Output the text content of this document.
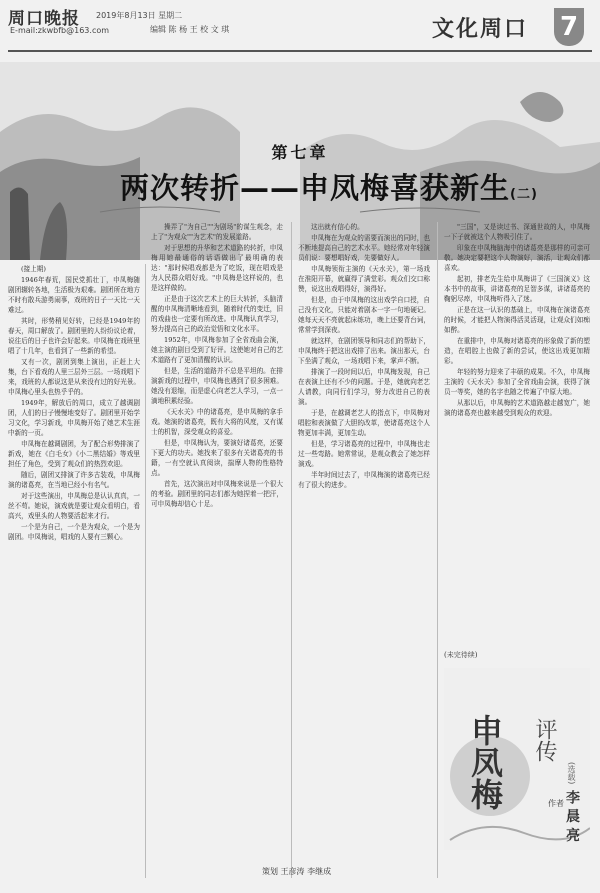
周口晚报
E-mail:zkwbfb@163.com
2019年8月13日 星期二
编辑 陈 杨 王 校 文 琪	文化周口 7
第七章
两次转折——申凤梅喜获新生(二)

(接上期)

1946年春荒，国民党抓壮丁，申凤梅随剧团辗转各地，生活极为艰难。剧团所在地方不时有散兵游勇闹事，戏班的日子一天比一天难过。

其时，形势稍见好转，已经是1949年的春天，周口解放了。剧团里的人纷纷议论着，说往后的日子也许会好起来。申凤梅在戏班里唱了十几年，也看到了一些新的希望。

又有一次，剧团到集上演出，正赶上大集，台下看戏的人里三层外三层。一场戏唱下来，戏班的人都说这是从来没有过的好光景。申凤梅心里头也热乎乎的。

1949年，解放后的周口，成立了越调剧团，人们的日子慢慢地变好了。剧团里开始学习文化，学习新戏，申凤梅开始了她艺术生涯中新的一页。

申凤梅在越调剧团，为了配合形势排演了新戏，她在《白毛女》《小二黑结婚》等戏里担任了角色，受到了观众们的热烈欢迎。

随后，剧团又排演了许多古装戏，申凤梅演的诸葛亮，在当地已经小有名气。

对于这些演出，申凤梅总是认认真真，一丝不苟。她说，演戏就是要让观众看明白，看高兴，戏里头的人物要活起来才行。

一个是为自己，一个是为观众，一个是为剧团。申凤梅说，唱戏的人要有三颗心。

操弄了"为自己""为剧场"的谋生观念，走上了"为观众""为艺术"的发展道路。

对于思想的升华和艺术道路的转折，申凤梅用她最通俗的话语做出了最明确的表达："那时候唱戏都是为了吃饭，现在唱戏是为人民群众唱好戏。"申凤梅是这样说的，也是这样做的。

正是由于这次艺术上的巨大转折，头脑清醒的申凤梅清晰地看到，随着时代的变迁，旧的戏曲也一定要有所改进。申凤梅认真学习，努力提高自己的政治觉悟和文化水平。

1952年，申凤梅参加了全省戏曲会演，她主演的剧目受到了好评。这使她对自己的艺术道路有了更加清醒的认识。

但是，生活的道路并不总是平坦的。在排演新戏的过程中，申凤梅也遇到了很多困难。她没有退缩，而是虚心向老艺人学习，一点一滴地积累经验。

《天水关》中的诸葛亮，是申凤梅的拿手戏。她演的诸葛亮，既有大将的风度，又有谋士的机智，深受观众的喜爱。

但是，申凤梅认为，要演好诸葛亮，还要下更大的功夫。她找来了很多有关诸葛亮的书籍，一有空就认真阅读，揣摩人物的性格特点。

首先，这次演出对申凤梅来说是一个很大的考验。剧团里的同志们都为她捏着一把汗，可申凤梅却信心十足。

这出就有信心的。

申凤梅在为观众的需要而演出的同时，也不断地提高自己的艺术水平。她经常对年轻演员们说：要想唱好戏，先要做好人。

申凤梅领衔主演的《天水关》，第一场戏在淮阳开幕，就赢得了满堂彩。观众们交口称赞，说这出戏唱得好，演得好。

但是，由于申凤梅的这出戏学自口授，自己没有文化，只能对着剧本一字一句地硬记。她每天天不亮就起床练功，晚上还要背台词，常常学到深夜。

就这样，在剧团领导和同志们的帮助下，申凤梅终于把这出戏排了出来。演出那天，台下坐满了观众，一场戏唱下来，掌声不断。

排演了一段时间以后，申凤梅发现，自己在表演上还有不少的问题。于是，她就向老艺人请教，向同行们学习，努力改进自己的表演。

于是，在越调老艺人的指点下，申凤梅对唱腔和表演做了大胆的改革，使诸葛亮这个人物更加丰满，更加生动。

但是，学习诸葛亮的过程中，申凤梅也走过一些弯路。她常常说，是观众教会了她怎样演戏。

半年时间过去了，申凤梅演的诸葛亮已经有了很大的进步。

"三国"，又是读过书、深通世故的人，申凤梅一下子就被这个人物吸引住了。

印象在申凤梅脑海中的诸葛亮是那样的可亲可敬。她决定要把这个人物演好，演活，让观众们都喜欢。

起初，排老先生给申凤梅讲了《三国演义》这本书中的故事，讲诸葛亮的足智多谋，讲诸葛亮的鞠躬尽瘁，申凤梅听得入了迷。

正是在这一认识的基础上，申凤梅在演诸葛亮的时候，才能把人物演得活灵活现，让观众们如痴如醉。

在重排中，申凤梅对诸葛亮的形象做了新的塑造，在唱腔上也做了新的尝试，使这出戏更加精彩。

年轻的努力迎来了丰硕的成果。不久，申凤梅主演的《天水关》参加了全省戏曲会演，获得了演员一等奖，她的名字也随之传遍了中原大地。

从那以后，申凤梅的艺术道路越走越宽广，她演的诸葛亮也越来越受到观众的欢迎。

(未完待续)
申凤梅 评传
(选载)
作者 李 晨 亮
策划 王彦涛 李继成
